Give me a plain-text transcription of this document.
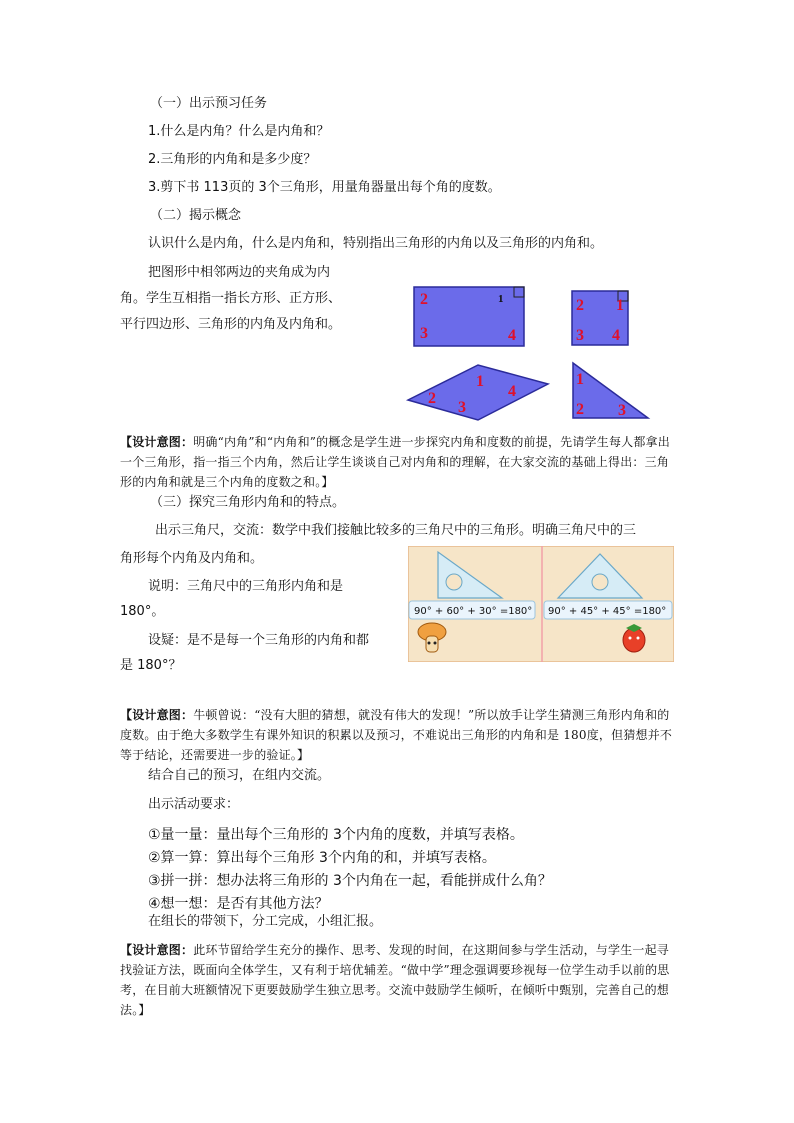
（一）出示预习任务
1.什么是内角？什么是内角和？
2.三角形的内角和是多少度？
3.剪下书 113页的 3个三角形，用量角器量出每个角的度数。
（二）揭示概念
认识什么是内角，什么是内角和，特别指出三角形的内角以及三角形的内角和。
把图形中相邻两边的夹角成为内
角。学生互相指一指长方形、正方形、
平行四边形、三角形的内角及内角和。
2	1
3	4
2 1
3 4
1
2
3
4
1
2 3
【设计意图：明确“内角”和“内角和”的概念是学生进一步探究内角和度数的前提，先请学生每人都拿出一个三角形，指一指三个内角，然后让学生谈谈自己对内角和的理解，在大家交流的基础上得出：三角形的内角和就是三个内角的度数之和。】
（三）探究三角形内角和的特点。
出示三角尺，交流：数学中我们接触比较多的三角尺中的三角形。明确三角尺中的三
角形每个内角及内角和。
说明：三角尺中的三角形内角和是
180°。
设疑：是不是每一个三角形的内角和都
是 180°？
90° + 60° + 30° =180° 90° + 45° + 45° =180°
【设计意图：牛顿曾说：“没有大胆的猜想，就没有伟大的发现！”所以放手让学生猜测三角形内角和的度数。由于绝大多数学生有课外知识的积累以及预习，不难说出三角形的内角和是 180度，但猜想并不等于结论，还需要进一步的验证。】
结合自己的预习，在组内交流。
出示活动要求：
①量一量：量出每个三角形的 3个内角的度数，并填写表格。
②算一算：算出每个三角形 3个内角的和，并填写表格。
③拼一拼：想办法将三角形的 3个内角在一起，看能拼成什么角？
④想一想：是否有其他方法？
在组长的带领下，分工完成，小组汇报。
【设计意图：此环节留给学生充分的操作、思考、发现的时间，在这期间参与学生活动，与学生一起寻找验证方法，既面向全体学生，又有利于培优辅差。“做中学”理念强调要珍视每一位学生动手以前的思考，在目前大班额情况下更要鼓励学生独立思考。交流中鼓励学生倾听，在倾听中甄别，完善自己的想法。】
